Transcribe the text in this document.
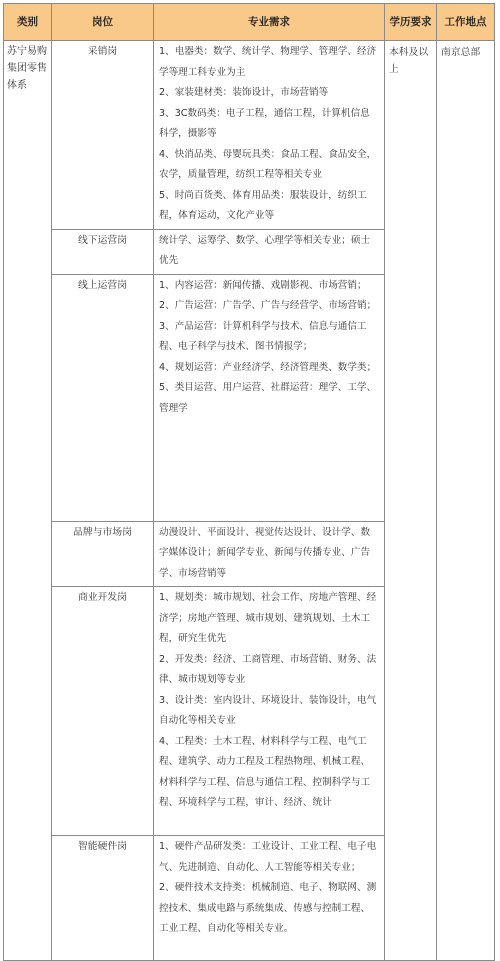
类别	岗位	专业需求	学历要求	工作地点
苏宁易购集团零售体系	采销岗	1、电器类：数学、统计学、物理学、管理学、经济学等理工科专业为主
2、家装建材类：装饰设计，市场营销等
3、3C数码类：电子工程，通信工程，计算机信息科学，摄影等
4、快消品类、母婴玩具类：食品工程、食品安全，农学，质量管理，纺织工程等相关专业
5、时尚百货类、体育用品类：服装设计，纺织工程，体育运动，文化产业等	本科及以上	南京总部
	线下运营岗	统计学、运筹学、数学、心理学等相关专业；硕士优先		

	线上运营岗	1、内容运营：新闻传播、戏剧影视、市场营销；
2、广告运营：广告学、广告与经营学、市场营销；
3、产品运营：计算机科学与技术、信息与通信工程、电子科学与技术、图书情报学；
4、规划运营：产业经济学、经济管理类、数学类；
5、类目运营、用户运营、社群运营：理学、工学、管理学		

	品牌与市场岗	动漫设计、平面设计、视觉传达设计、设计学、数字媒体设计；新闻学专业、新闻与传播专业、广告学、市场营销等		

	商业开发岗	1、规划类：城市规划、社会工作、房地产管理、经济学；房地产管理、城市规划、建筑规划、土木工程，研究生优先
2、开发类：经济、工商管理、市场营销、财务、法律、城市规划等专业
3、设计类：室内设计、环境设计、装饰设计，电气自动化等相关专业
4、工程类：土木工程、材料科学与工程、电气工程、建筑学、动力工程及工程热物理、机械工程、材料科学与工程、信息与通信工程、控制科学与工程、环境科学与工程，审计、经济、统计		

	智能硬件岗	1、硬件产品研发类：工业设计、工业工程、电子电气、先进制造、自动化、人工智能等相关专业；
2、硬件技术支持类：机械制造、电子、物联网、测控技术、集成电路与系统集成、传感与控制工程、工业工程、自动化等相关专业。		
